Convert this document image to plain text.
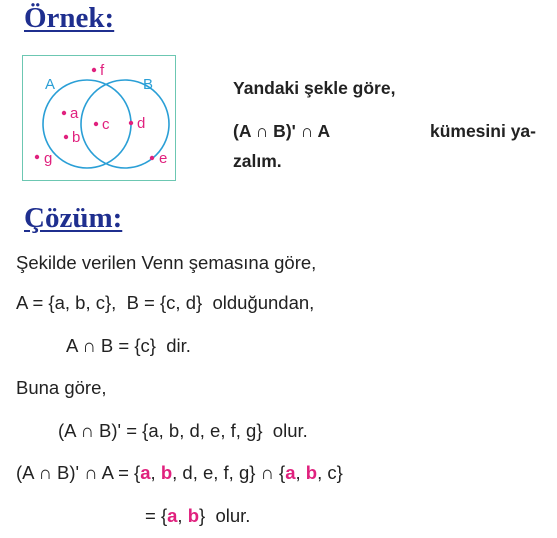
Örnek:
A	B
f
a
b
c d
g	e

Yandaki şekle göre,

(A ∩ B)' ∩ A	kümesini ya-

zalım.

Çözüm:

Şekilde verilen Venn şemasına göre,

A = {a, b, c}, B = {c, d} olduğundan,

A ∩ B = {c} dir.

Buna göre,

(A ∩ B)' = {a, b, d, e, f, g} olur.

(A ∩ B)' ∩ A = {a, b, d, e, f, g} ∩ {a, b, c}

= {a, b} olur.
